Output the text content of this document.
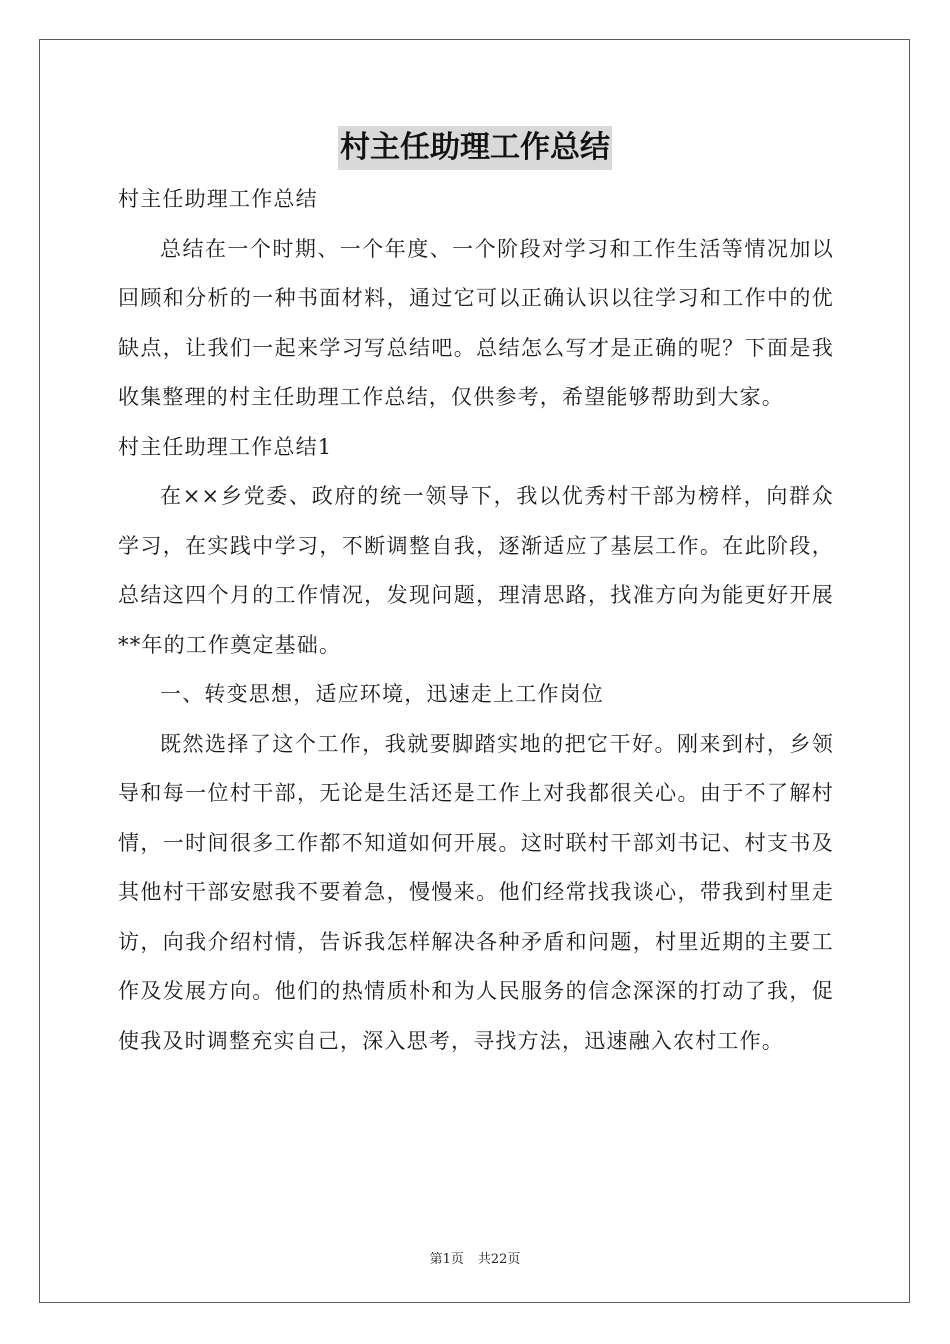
村主任助理工作总结

村主任助理工作总结

总结在一个时期、一个年度、一个阶段对学习和工作生活等情况加以回顾和分析的一种书面材料，通过它可以正确认识以往学习和工作中的优缺点，让我们一起来学习写总结吧。总结怎么写才是正确的呢？下面是我收集整理的村主任助理工作总结，仅供参考，希望能够帮助到大家。

村主任助理工作总结1

在××乡党委、政府的统一领导下，我以优秀村干部为榜样，向群众学习，在实践中学习，不断调整自我，逐渐适应了基层工作。在此阶段，总结这四个月的工作情况，发现问题，理清思路，找准方向为能更好开展**年的工作奠定基础。

一、转变思想，适应环境，迅速走上工作岗位

既然选择了这个工作，我就要脚踏实地的把它干好。刚来到村，乡领导和每一位村干部，无论是生活还是工作上对我都很关心。由于不了解村情，一时间很多工作都不知道如何开展。这时联村干部刘书记、村支书及其他村干部安慰我不要着急，慢慢来。他们经常找我谈心，带我到村里走访，向我介绍村情，告诉我怎样解决各种矛盾和问题，村里近期的主要工作及发展方向。他们的热情质朴和为人民服务的信念深深的打动了我，促使我及时调整充实自己，深入思考，寻找方法，迅速融入农村工作。

第1页 共22页
